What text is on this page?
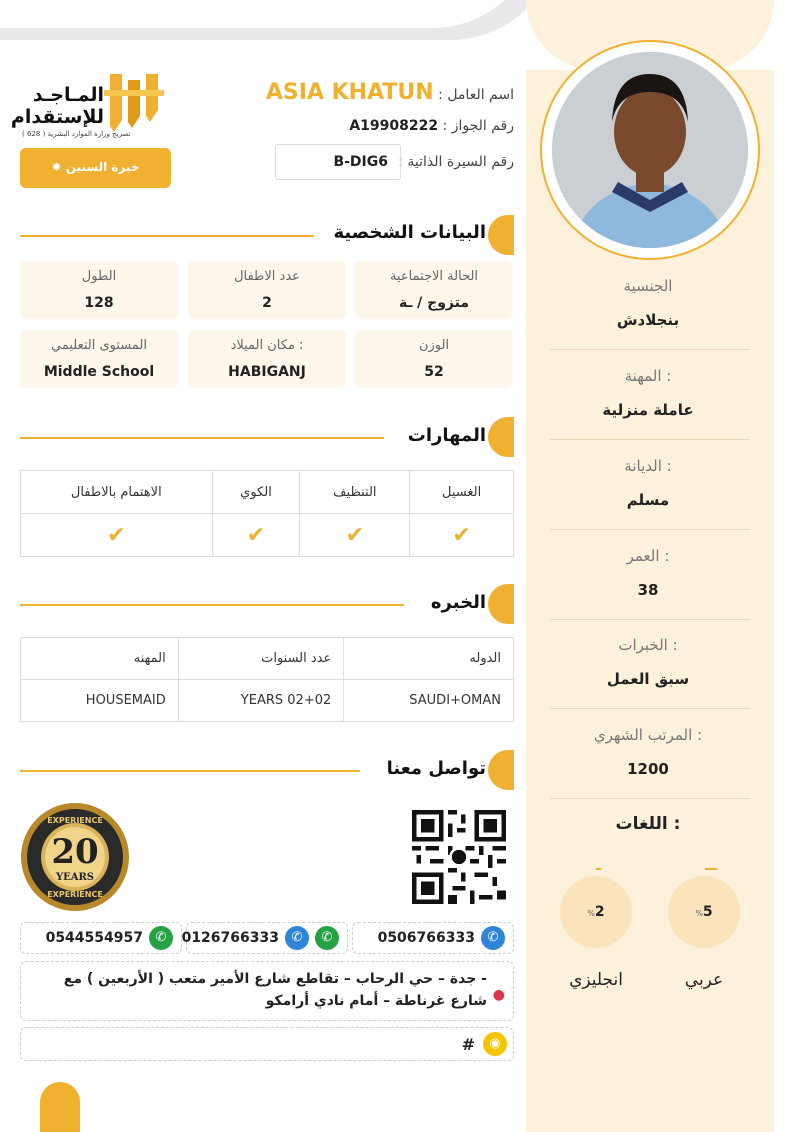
الجنسية
بنجلادش
المهنة :
عاملة منزلية
الديانة :
مسلم
العمر :
38
الخبرات :
سبق العمل
المرتب الشهري :
1200
اللغات :
%5
عربي
%2
انجليزي
المـاجـد
للإستقدام
تصريح وزارة الموارد البشرية ( 628 )
✸ خبرة السنين
اسم العامل : ASIA KHATUN
رقم الجواز : A19908222
رقم السيرة الذاتية :
B-DIG6
البيانات الشخصية
الحالة الاجتماعية
متزوج / ـة
عدد الاطفال
2
الطول
128
الوزن
52
مكان الميلاد :
HABIGANJ
المستوى التعليمي
Middle School
المهارات
الغسيل	التنظيف	الكوي	الاهتمام بالاطفال
✔	✔	✔	✔
الخبره
الدوله	عدد السنوات	المهنه
SAUDI+OMAN	02+02 YEARS	HOUSEMAID
تواصل معنا
EXPERIENCE
20
YEARS
EXPERIENCE
✆
0506766333
✆
✆
0126766333
✆
0544554957
●
- جدة – حي الرحاب – تقاطع شارع الأمير متعب ( الأربعين ) مع شارع غرناطة – أمام نادي أرامكو
◉
#
